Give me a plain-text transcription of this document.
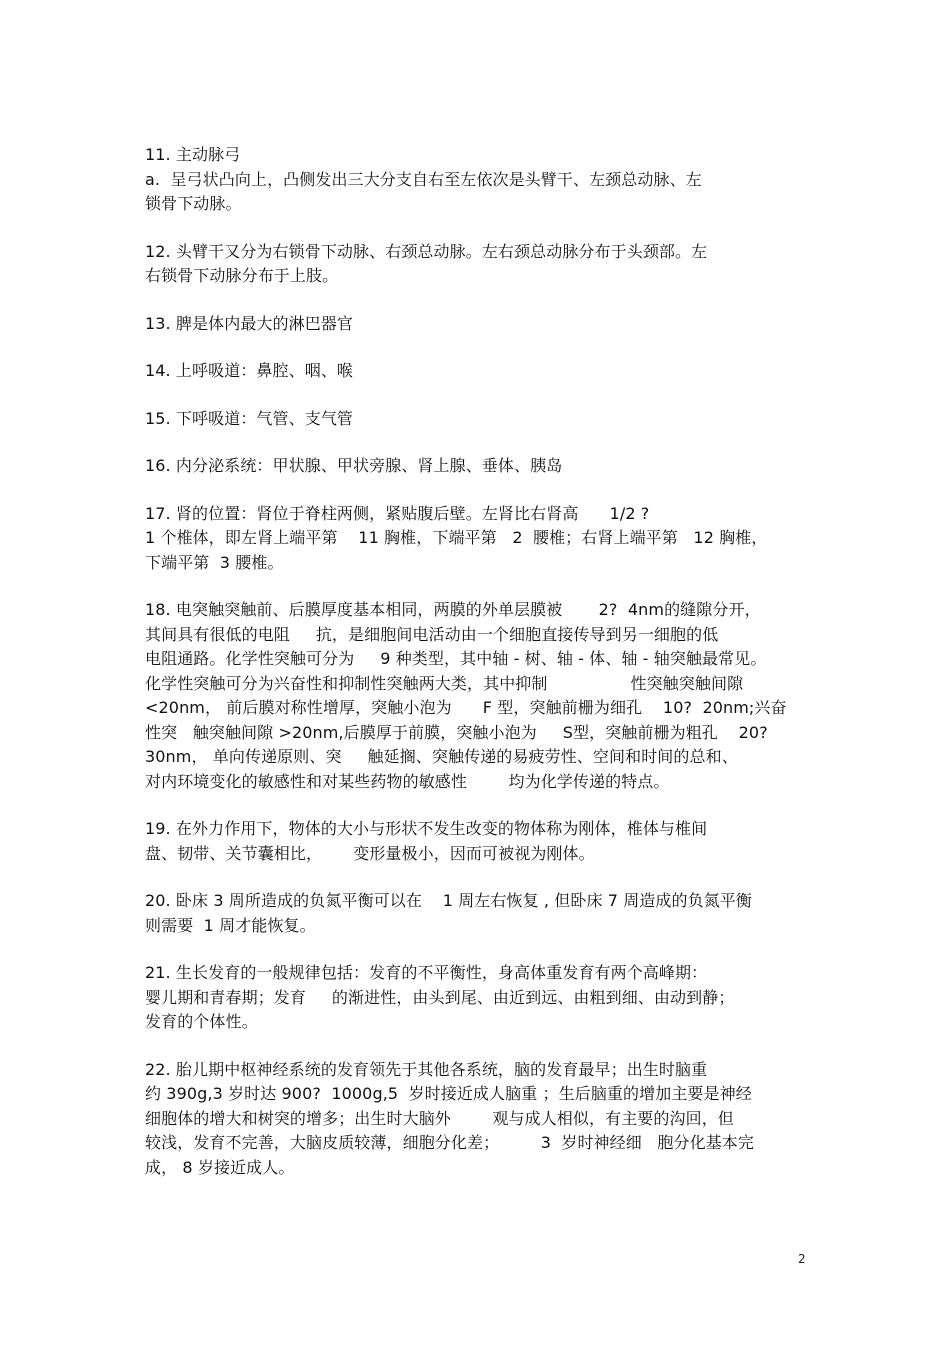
11. 主动脉弓
a.  呈弓状凸向上，凸侧发出三大分支自右至左依次是头臂干、左颈总动脉、左
锁骨下动脉。
12. 头臂干又分为右锁骨下动脉、右颈总动脉。左右颈总动脉分布于头颈部。左
右锁骨下动脉分布于上肢。
13. 脾是体内最大的淋巴器官
14. 上呼吸道：鼻腔、咽、喉
15. 下呼吸道：气管、支气管
16. 内分泌系统：甲状腺、甲状旁腺、肾上腺、垂体、胰岛
17. 肾的位置：肾位于脊柱两侧，紧贴腹后壁。左肾比右肾高      1/2 ?
1 个椎体，即左肾上端平第    11 胸椎，下端平第   2  腰椎；右肾上端平第   12 胸椎，
下端平第  3 腰椎。
18. 电突触突触前、后膜厚度基本相同，两膜的外单层膜被       2?  4nm的缝隙分开，
其间具有很低的电阻     抗，是细胞间电活动由一个细胞直接传导到另一细胞的低
电阻通路。化学性突触可分为     9 种类型，其中轴 - 树、轴 - 体、轴 - 轴突触最常见。
化学性突触可分为兴奋性和抑制性突触两大类，其中抑制                性突触突触间隙
<20nm， 前后膜对称性增厚，突触小泡为      F 型，突触前栅为细孔    10?  20nm;兴奋
性突   触突触间隙 >20nm,后膜厚于前膜，突触小泡为     S型，突触前栅为粗孔    20?
30nm， 单向传递原则、突     触延搁、突触传递的易疲劳性、空间和时间的总和、
对内环境变化的敏感性和对某些药物的敏感性        均为化学传递的特点。
19. 在外力作用下，物体的大小与形状不发生改变的物体称为刚体，椎体与椎间
盘、韧带、关节囊相比，      变形量极小，因而可被视为刚体。
20. 卧床 3 周所造成的负氮平衡可以在    1 周左右恢复 , 但卧床 7 周造成的负氮平衡
则需要  1 周才能恢复。
21. 生长发育的一般规律包括：发育的不平衡性，身高体重发育有两个高峰期：
婴儿期和青春期；发育     的渐进性，由头到尾、由近到远、由粗到细、由动到静；
发育的个体性。
22. 胎儿期中枢神经系统的发育领先于其他各系统，脑的发育最早；出生时脑重
约 390g,3 岁时达 900?  1000g,5  岁时接近成人脑重 ；生后脑重的增加主要是神经
细胞体的增大和树突的增多；出生时大脑外        观与成人相似，有主要的沟回，但
较浅，发育不完善，大脑皮质较薄，细胞分化差；        3  岁时神经细   胞分化基本完
成， 8 岁接近成人。
2
